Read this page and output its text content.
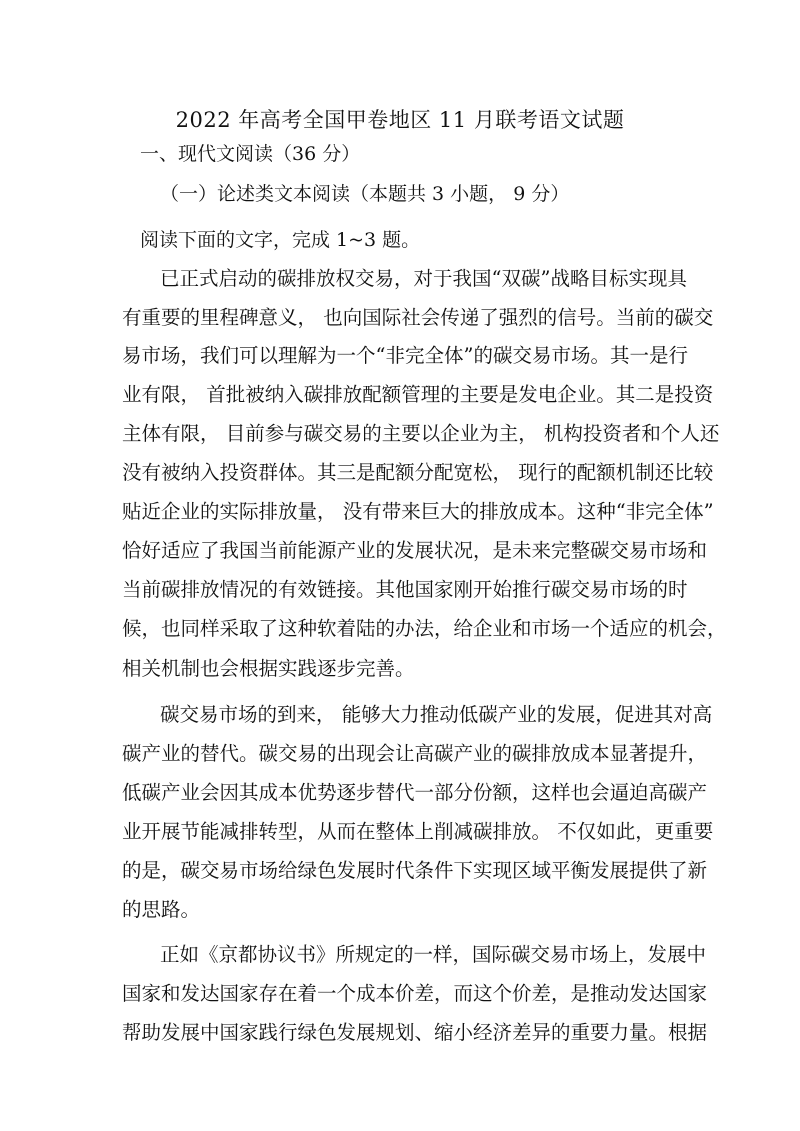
2022 年高考全国甲卷地区 11 月联考语文试题
一、现代文阅读（36 分）
（一）论述类文本阅读（本题共 3 小题， 9 分）
阅读下面的文字，完成 1~3 题。
已正式启动的碳排放权交易，对于我国“双碳”战略目标实现具
有重要的里程碑意义， 也向国际社会传递了强烈的信号。当前的碳交
易市场，我们可以理解为一个“非完全体”的碳交易市场。其一是行
业有限， 首批被纳入碳排放配额管理的主要是发电企业。其二是投资
主体有限， 目前参与碳交易的主要以企业为主， 机构投资者和个人还
没有被纳入投资群体。其三是配额分配宽松， 现行的配额机制还比较
贴近企业的实际排放量， 没有带来巨大的排放成本。这种“非完全体”
恰好适应了我国当前能源产业的发展状况，是未来完整碳交易市场和
当前碳排放情况的有效链接。其他国家刚开始推行碳交易市场的时
候，也同样采取了这种软着陆的办法，给企业和市场一个适应的机会，
相关机制也会根据实践逐步完善。
碳交易市场的到来， 能够大力推动低碳产业的发展，促进其对高
碳产业的替代。碳交易的出现会让高碳产业的碳排放成本显著提升，
低碳产业会因其成本优势逐步替代一部分份额，这样也会逼迫高碳产
业开展节能减排转型，从而在整体上削减碳排放。 不仅如此，更重要
的是，碳交易市场给绿色发展时代条件下实现区域平衡发展提供了新
的思路。
正如《京都协议书》所规定的一样，国际碳交易市场上，发展中
国家和发达国家存在着一个成本价差，而这个价差，是推动发达国家
帮助发展中国家践行绿色发展规划、缩小经济差异的重要力量。根据
